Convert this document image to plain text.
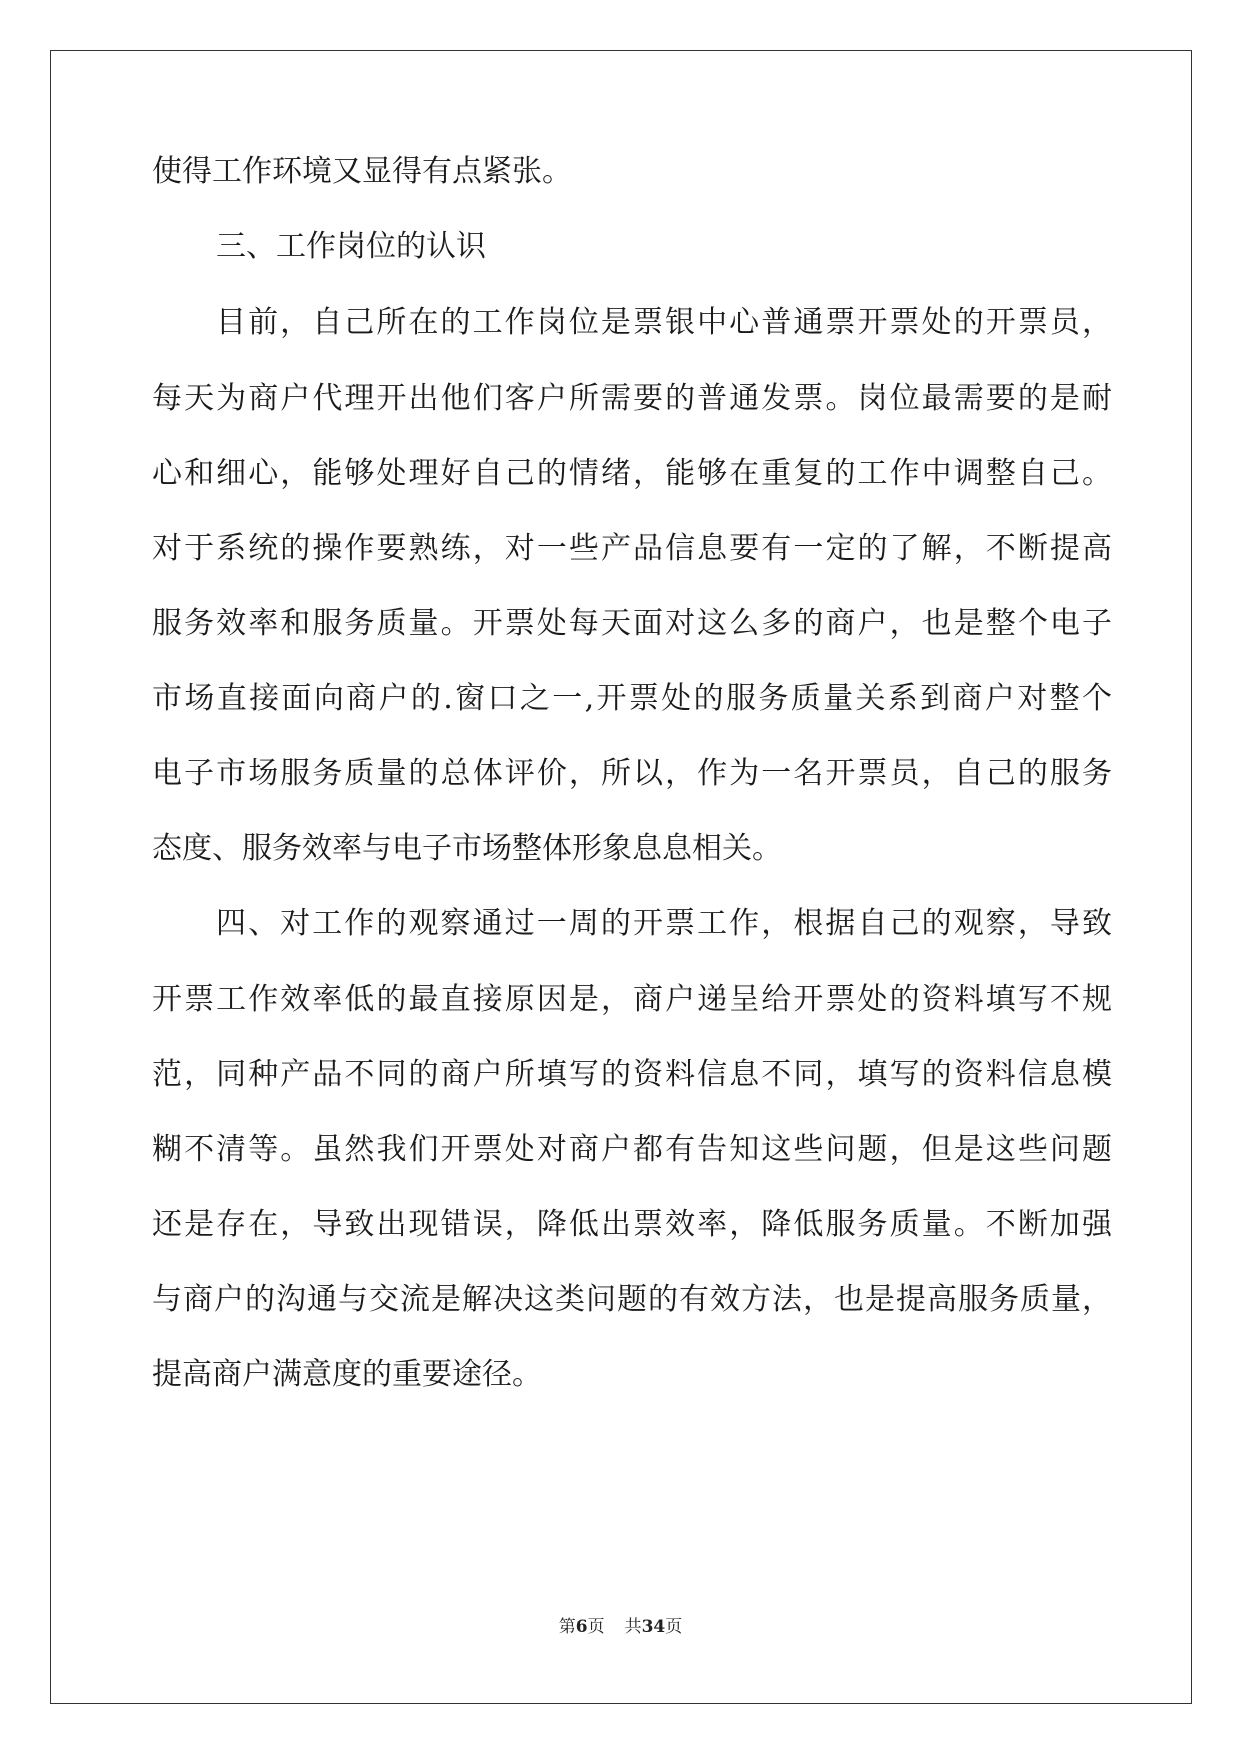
使得工作环境又显得有点紧张。
三、工作岗位的认识
目前，自己所在的工作岗位是票银中心普通票开票处的开票员，
每天为商户代理开出他们客户所需要的普通发票。岗位最需要的是耐
心和细心，能够处理好自己的情绪，能够在重复的工作中调整自己。
对于系统的操作要熟练，对一些产品信息要有一定的了解，不断提高
服务效率和服务质量。开票处每天面对这么多的商户，也是整个电子
市场直接面向商户的.窗口之一,开票处的服务质量关系到商户对整个
电子市场服务质量的总体评价，所以，作为一名开票员，自己的服务
态度、服务效率与电子市场整体形象息息相关。
四、对工作的观察通过一周的开票工作，根据自己的观察，导致
开票工作效率低的最直接原因是，商户递呈给开票处的资料填写不规
范，同种产品不同的商户所填写的资料信息不同，填写的资料信息模
糊不清等。虽然我们开票处对商户都有告知这些问题，但是这些问题
还是存在，导致出现错误，降低出票效率，降低服务质量。不断加强
与商户的沟通与交流是解决这类问题的有效方法，也是提高服务质量，
提高商户满意度的重要途径。
第6页 共34页
